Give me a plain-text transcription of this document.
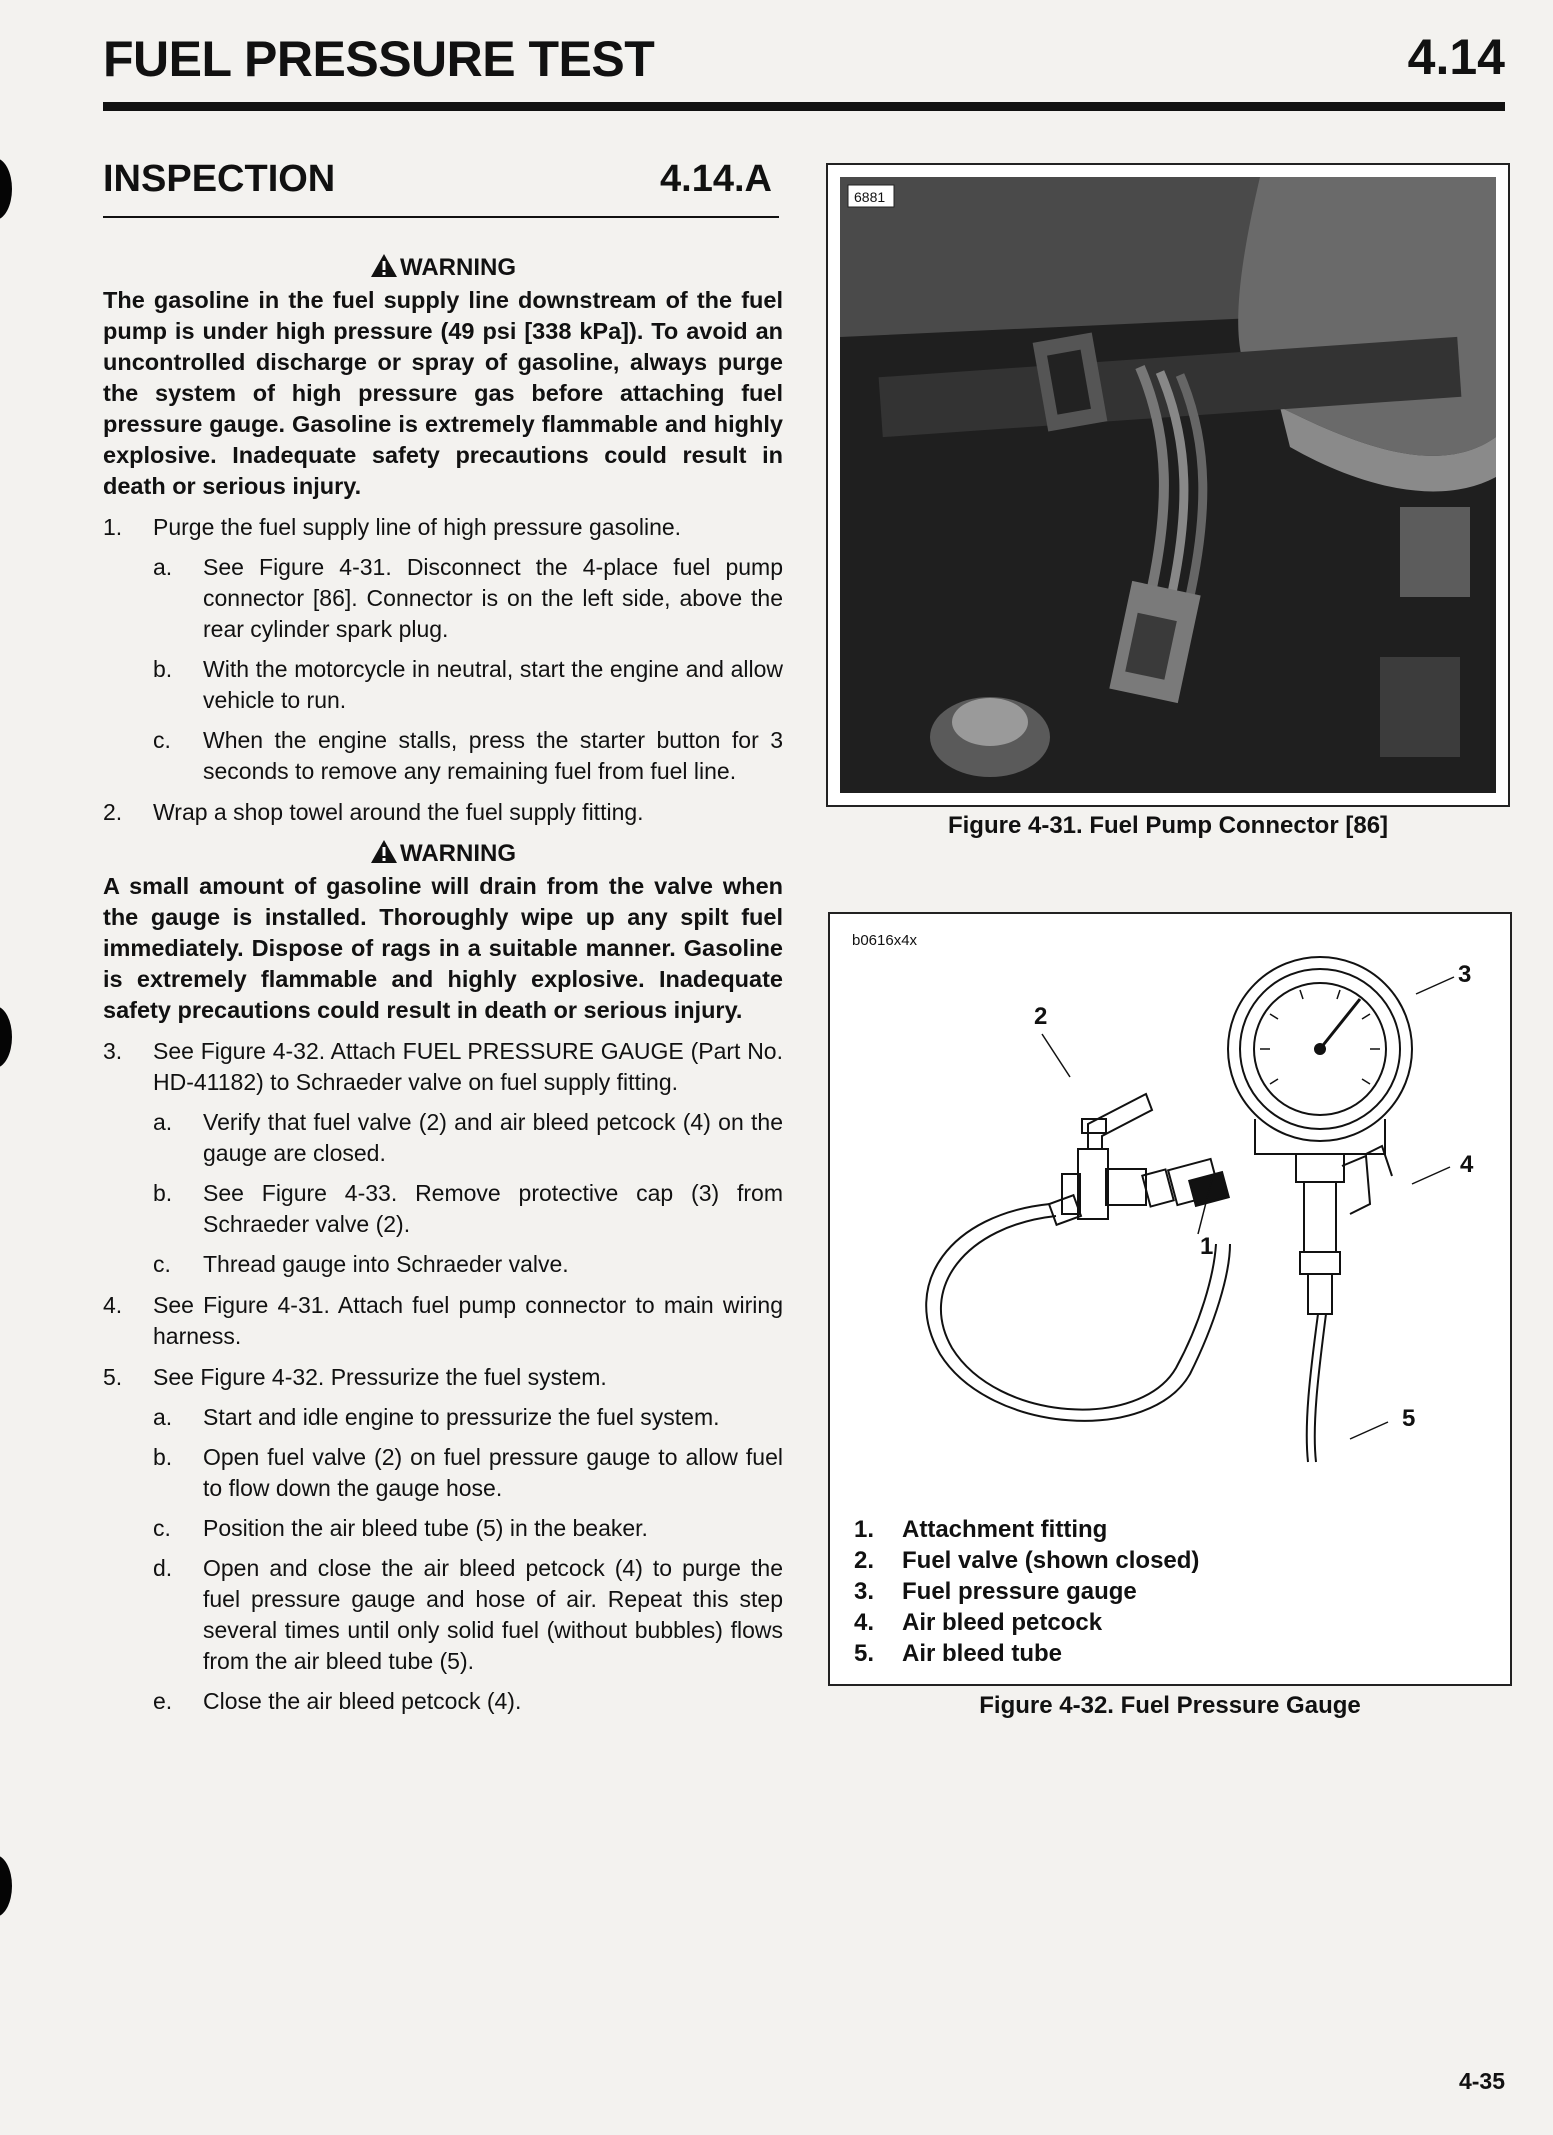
FUEL PRESSURE TEST	4.14
INSPECTION	4.14.A
WARNING
The gasoline in the fuel supply line downstream of the fuel pump is under high pressure (49 psi [338 kPa]). To avoid an uncontrolled discharge or spray of gasoline, always purge the system of high pressure gas before attaching fuel pressure gauge. Gasoline is extremely flammable and highly explosive. Inadequate safety precautions could result in death or serious injury.
1. Purge the fuel supply line of high pressure gasoline.
a. See Figure 4-31. Disconnect the 4-place fuel pump connector [86]. Connector is on the left side, above the rear cylinder spark plug.
b. With the motorcycle in neutral, start the engine and allow vehicle to run.
c. When the engine stalls, press the starter button for 3 seconds to remove any remaining fuel from fuel line.
2. Wrap a shop towel around the fuel supply fitting.
WARNING
A small amount of gasoline will drain from the valve when the gauge is installed. Thoroughly wipe up any spilt fuel immediately. Dispose of rags in a suitable manner. Gasoline is extremely flammable and highly explosive. Inadequate safety precautions could result in death or serious injury.
3. See Figure 4-32. Attach FUEL PRESSURE GAUGE (Part No. HD-41182) to Schraeder valve on fuel supply fitting.
a. Verify that fuel valve (2) and air bleed petcock (4) on the gauge are closed.
b. See Figure 4-33. Remove protective cap (3) from Schraeder valve (2).
c. Thread gauge into Schraeder valve.
4. See Figure 4-31. Attach fuel pump connector to main wiring harness.
5. See Figure 4-32. Pressurize the fuel system.
a. Start and idle engine to pressurize the fuel system.
b. Open fuel valve (2) on fuel pressure gauge to allow fuel to flow down the gauge hose.
c. Position the air bleed tube (5) in the beaker.
d. Open and close the air bleed petcock (4) to purge the fuel pressure gauge and hose of air. Repeat this step several times until only solid fuel (without bubbles) flows from the air bleed tube (5).
e. Close the air bleed petcock (4).
6881
Figure 4-31. Fuel Pump Connector [86]
b0616x4x
1
2
3
4
5
1. Attachment fitting
2. Fuel valve (shown closed)
3. Fuel pressure gauge
4. Air bleed petcock
5. Air bleed tube
Figure 4-32. Fuel Pressure Gauge
4-35
